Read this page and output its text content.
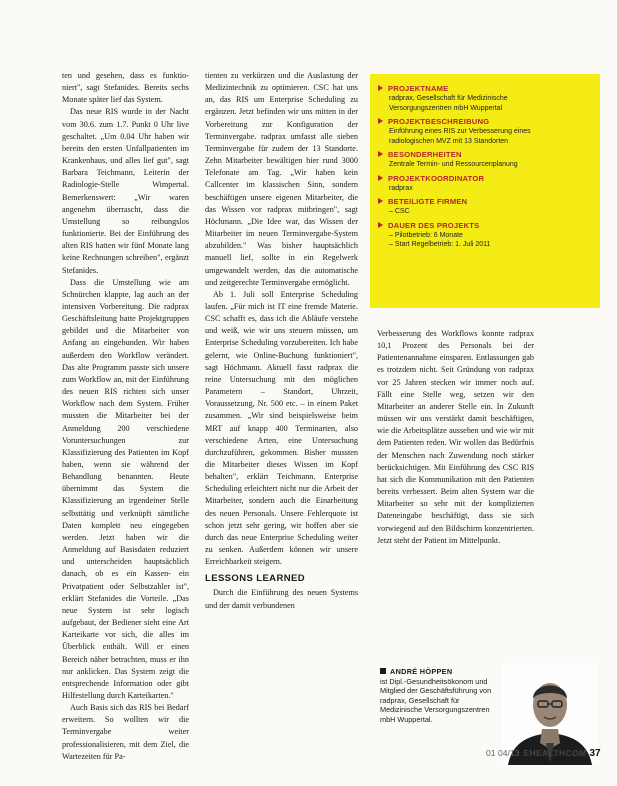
ten und gesehen, dass es funktio-niert", sagt Stefanides. Bereits sechs Monate später lief das System.

Das neue RIS wurde in der Nacht vom 30.6. zum 1.7. Punkt 0 Uhr live geschaltet. „Um 0.04 Uhr haben wir bereits den ersten Unfallpatienten im Krankenhaus, und alles lief gut", sagt Barbara Teichmann, Leiterin der Radiologie-Stelle Wimpertal. Bemerkenswert: „Wir waren angenehm überrascht, dass die Umstellung so reibungslos funktionierte. Bei der Einführung des alten RIS hatten wir fünf Monate lang keine Rechnungen schreiben", ergänzt Stefanides.

Dass die Umstellung wie am Schnürchen klappte, lag auch an der intensiven Vorbereitung. Die radprax Geschäftsleitung hatte Projektgruppen gebildet und die Mitarbeiter von Anfang an eingebunden. Wir haben außerdem den Workflow verändert. Das alte Programm passte sich unsere zum Workflow an, mit der Einführung des neuen RIS richten sich unser Workflow nach dem System. Früher mussten die Mitarbeiter bei der Anmeldung 200 verschiedene Voruntersuchungen zur Klassifizierung des Patienten im Kopf haben, wenn sie während der Behandlung benannten. Heute übernimmt das System die Klassifizierung an irgendeiner Stelle selbsttätig und verknüpft sämtliche Daten komplett neu eingegeben werden. Jetzt haben wir die Anmeldung auf Basisdaten reduziert und unterscheiden hauptsächlich danach, ob es ein Kassen- ein Privatpatient oder Selbstzahler ist", erklärt Stefanides die Vorteile. „Das neue System ist sehr logisch aufgebaut, der Bediener sieht eine Art Karteikarte vor sich, die alles im Überblick enthält. Will er einen Bereich näher betrachten, muss er ihn nur anklicken. Das System zeigt die entsprechende Information oder gibt Hilfestellung durch Karteikarten."

Auch Basis sich das RIS bei Bedarf erweitern. So wollten wir die Terminvergabe weiter professionalisieren, mit dem Ziel, die Wartezeiten für Pa-

tienten zu verkürzen und die Auslastung der Medizintechnik zu optimieren. CSC hat uns an, das RIS um Enterprise Scheduling zu ergänzen. Jetzt befinden wir uns mitten in der Vorbereitung zur Konfiguration der Terminvergabe. radprax umfasst alle sieben Terminvergabe für zudem der 13 Standorte. Zehn Mitarbeiter bewältigen hier rund 3000 Telefonate am Tag. „Wir haben kein Callcenter im klassischen Sinn, sondern beschäftigen unsere eigenen Mitarbeiter, die das Wissen vor radprax mitbringen", sagt Höchmann. „Die Idee war, das Wissen der Mitarbeiter im neuen Terminvergabe-System abzubilden." Was bisher hauptsächlich manuell lief, sollte in ein Regelwerk umgewandelt werden, das die automatische und zeitgerechte Terminvergabe ermöglicht.

Ab 1. Juli soll Enterprise Scheduling laufen. „Für mich ist IT eine fremde Materie. CSC schafft es, dass ich die Abläufe verstehe und weiß, wie wir uns steuern müssen, um Enterprise Scheduling vorzubereiten. Ich habe gelernt, wie Online-Buchung funktioniert", sagt Höchmann. Aktuell fasst radprax die reine Untersuchung mit den möglichen Parametern – Standort, Uhrzeit, Voraussetzung, Nr. 500 etc. – in einem Paket zusammen. „Wir sind beispielsweise beim MRT auf knapp 400 Terminarten, also verschiedene Arten, eine Untersuchung durchzuführen, gekommen. Bisher mussten die Mitarbeiter dieses Wissen im Kopf behalten", erklärt Teichmann. Enterprise Scheduling erleichtert nicht nur die Arbeit der Mitarbeiter, sondern auch die Einarbeitung des neuen Personals. Unsere Fehlerquote ist schon jetzt sehr gering, wir hoffen aber sie durch das neue Enterprise Scheduling weiter zu senken. Außerdem können wir unsere Erreichbarkeit steigern.

LESSONS LEARNED

Durch die Einführung des neuen Systems und der damit verbundenen

PROJEKTNAME
radprax, Gesellschaft für Medizinische
Versorgungszentren mbH Wuppertal
PROJEKTBESCHREIBUNG
Einführung eines RIS zur Verbesserung eines
radiologischen MVZ mit 13 Standorten
BESONDERHEITEN
Zentrale Termin- und Ressourcenplanung
PROJEKTKOORDINATOR
radprax
BETEILIGTE FIRMEN
– CSC
DAUER DES PROJEKTS
– Pilotbetrieb: 6 Monate
– Start Regelbetrieb: 1. Juli 2011

Verbesserung des Workflows konnte radprax 10,1 Prozent des Personals bei der Patientenannahme einsparen. Entlassungen gab es trotzdem nicht. Seit Gründung von radprax vor 25 Jahren stecken wir immer noch auf. Fällt eine Stelle weg, setzen wir den Mitarbeiter an anderer Stelle ein. In Zukunft müssen wir uns verstärkt damit beschäftigen, wie die Arbeitsplätze aussehen und wie wir mit dem Patienten reden. Wir wollen das Bedürfnis der Menschen nach Zuwendung noch stärker berücksichtigen. Mit Einführung des CSC RIS hat sich die Kommunikation mit den Patienten bereits verbessert. Beim alten System war die Mitarbeiter so sehr mit der komplizierten Dateneingabe beschäftigt, dass sie sich vorwiegend auf den Bildschirm konzentrierten. Jetzt steht der Patient im Mittelpunkt.

ANDRÉ HÖPPEN
ist Dipl.-Gesundheitsökonom und Mitglied der Geschäftsführung von radprax, Gesellschaft für Medizinische Versorgungszentren mbH Wuppertal.
01 04/13 EHEALTHCOM 37
